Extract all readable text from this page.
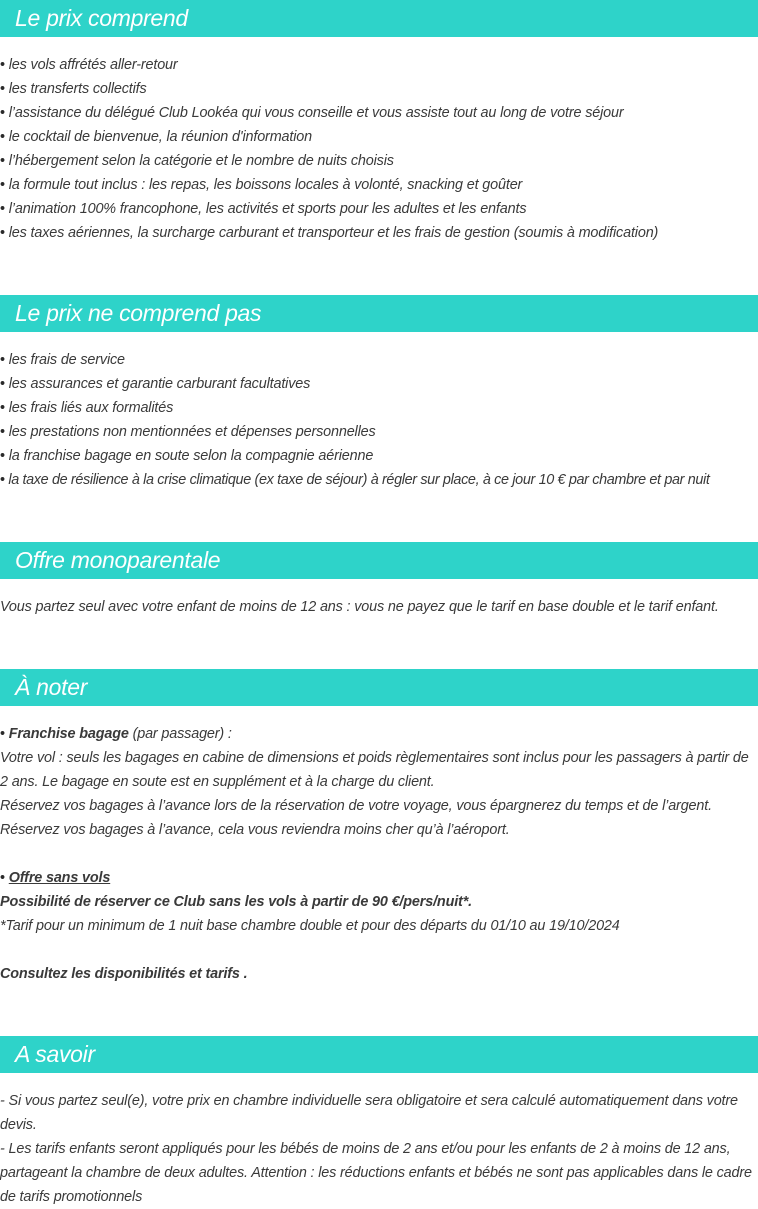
Le prix comprend
• les vols affrétés aller-retour
• les transferts collectifs
• l’assistance du délégué Club Lookéa qui vous conseille et vous assiste tout au long de votre séjour
• le cocktail de bienvenue, la réunion d'information
• l’hébergement selon la catégorie et le nombre de nuits choisis
• la formule tout inclus : les repas, les boissons locales à volonté, snacking et goûter
• l’animation 100% francophone, les activités et sports pour les adultes et les enfants
• les taxes aériennes, la surcharge carburant et transporteur et les frais de gestion (soumis à modification)
Le prix ne comprend pas
• les frais de service
• les assurances et garantie carburant facultatives
• les frais liés aux formalités
• les prestations non mentionnées et dépenses personnelles
• la franchise bagage en soute selon la compagnie aérienne
• la taxe de résilience à la crise climatique (ex taxe de séjour) à régler sur place, à ce jour 10 € par chambre et par nuit
Offre monoparentale
Vous partez seul avec votre enfant de moins de 12 ans : vous ne payez que le tarif en base double et le tarif enfant.
À noter
• Franchise bagage (par passager) :
Votre vol : seuls les bagages en cabine de dimensions et poids règlementaires sont inclus pour les passagers à partir de 2 ans. Le bagage en soute est en supplément et à la charge du client.
Réservez vos bagages à l’avance lors de la réservation de votre voyage, vous épargnerez du temps et de l’argent.
Réservez vos bagages à l’avance, cela vous reviendra moins cher qu’à l’aéroport.
• Offre sans vols
Possibilité de réserver ce Club sans les vols à partir de 90 €/pers/nuit*.
*Tarif pour un minimum de 1 nuit base chambre double et pour des départs du 01/10 au 19/10/2024
Consultez les disponibilités et tarifs .
A savoir
- Si vous partez seul(e), votre prix en chambre individuelle sera obligatoire et sera calculé automatiquement dans votre devis.
- Les tarifs enfants seront appliqués pour les bébés de moins de 2 ans et/ou pour les enfants de 2 à moins de 12 ans, partageant la chambre de deux adultes. Attention : les réductions enfants et bébés ne sont pas applicables dans le cadre de tarifs promotionnels
